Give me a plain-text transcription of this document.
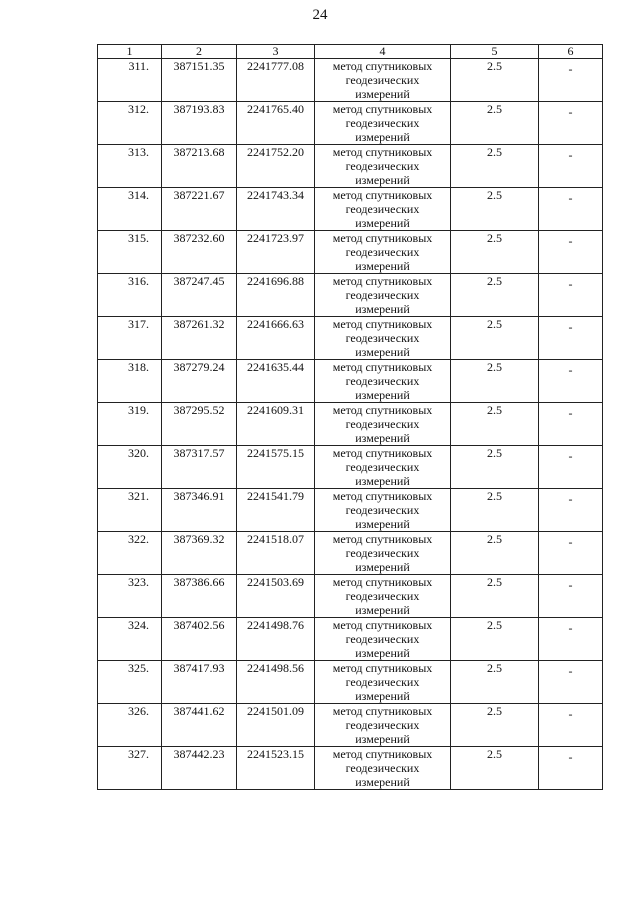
24
1	2	3	4	5	6
311.	387151.35	2241777.08	метод спутниковых
геодезических
измерений	2.5	-
312.	387193.83	2241765.40	метод спутниковых
геодезических
измерений	2.5	-
313.	387213.68	2241752.20	метод спутниковых
геодезических
измерений	2.5	-
314.	387221.67	2241743.34	метод спутниковых
геодезических
измерений	2.5	-
315.	387232.60	2241723.97	метод спутниковых
геодезических
измерений	2.5	-
316.	387247.45	2241696.88	метод спутниковых
геодезических
измерений	2.5	-
317.	387261.32	2241666.63	метод спутниковых
геодезических
измерений	2.5	-
318.	387279.24	2241635.44	метод спутниковых
геодезических
измерений	2.5	-
319.	387295.52	2241609.31	метод спутниковых
геодезических
измерений	2.5	-
320.	387317.57	2241575.15	метод спутниковых
геодезических
измерений	2.5	-
321.	387346.91	2241541.79	метод спутниковых
геодезических
измерений	2.5	-
322.	387369.32	2241518.07	метод спутниковых
геодезических
измерений	2.5	-
323.	387386.66	2241503.69	метод спутниковых
геодезических
измерений	2.5	-
324.	387402.56	2241498.76	метод спутниковых
геодезических
измерений	2.5	-
325.	387417.93	2241498.56	метод спутниковых
геодезических
измерений	2.5	-
326.	387441.62	2241501.09	метод спутниковых
геодезических
измерений	2.5	-
327.	387442.23	2241523.15	метод спутниковых
геодезических
измерений	2.5	-
